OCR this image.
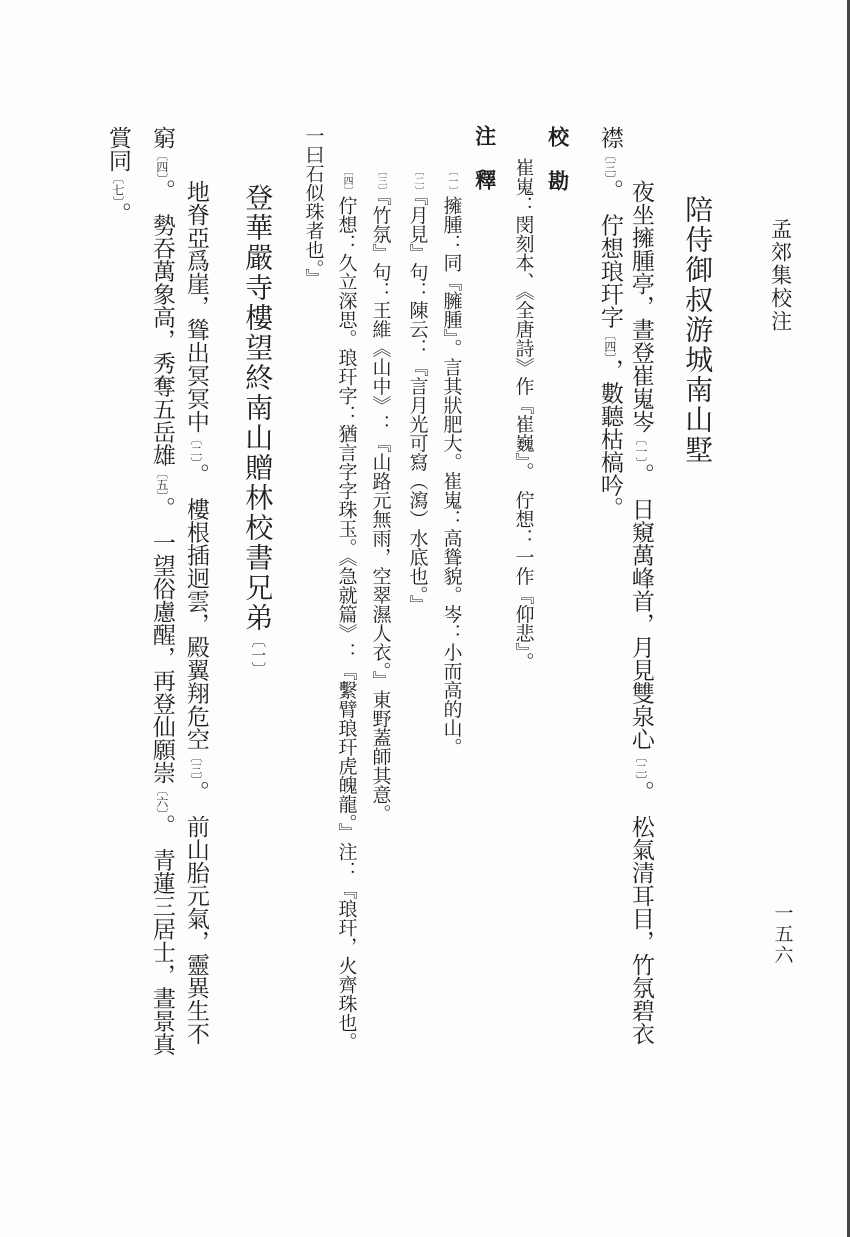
孟郊集校注
一五六
陪侍御叔游城南山墅
夜坐擁腫亭，晝登崔嵬岑〔一〕。　日窺萬峰首，月見雙泉心〔二〕。　松氣清耳目，竹氛碧衣
襟〔三〕。　佇想琅玕字〔四〕，數聽枯槁吟。
校　勘
崔嵬：閔刻本、《全唐詩》作『崔巍』。　佇想：一作『仰悲』。
注　釋
〔一〕擁腫：同『臃腫』。言其狀肥大。崔嵬：高聳貌。岑：小而高的山。
〔二〕『月見』句：陳云：『言月光可寫（瀉）水底也。』
〔三〕『竹氛』句：王維《山中》：『山路元無雨，空翠濕人衣。』東野蓋師其意。
〔四〕佇想：久立深思。琅玕字：猶言字字珠玉。《急就篇》：『繫臂琅玕虎魄龍。』注：『琅玕，火齊珠也。
一曰石似珠者也。』
登華嚴寺樓望終南山贈林校書兄弟〔一〕
地脊亞爲崖，聳出冥冥中〔二〕。　樓根插迥雲，殿翼翔危空〔三〕。　前山胎元氣，靈異生不
窮〔四〕。　勢吞萬象高，秀奪五岳雄〔五〕。　一望俗慮醒，再登仙願崇〔六〕。　青蓮三居士，晝景真
賞同〔七〕。
